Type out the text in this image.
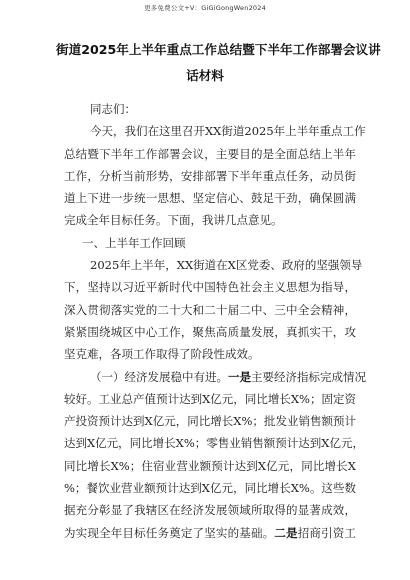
更多免费公文+V：GiGiGongWen2024
街道2025年上半年重点工作总结暨下半年工作部署会议讲
话材料
同志们：
今天，我们在这里召开XX街道2025年上半年重点工作
总结暨下半年工作部署会议，主要目的是全面总结上半年
工作，分析当前形势，安排部署下半年重点任务，动员街
道上下进一步统一思想、坚定信心、鼓足干劲，确保圆满
完成全年目标任务。下面，我讲几点意见。
一、上半年工作回顾
2025年上半年，XX街道在X区党委、政府的坚强领导
下，坚持以习近平新时代中国特色社会主义思想为指导，
深入贯彻落实党的二十大和二十届二中、三中全会精神，
紧紧围绕城区中心工作，聚焦高质量发展，真抓实干，攻
坚克难，各项工作取得了阶段性成效。
（一）经济发展稳中有进。一是主要经济指标完成情况
较好。工业总产值预计达到X亿元，同比增长X%；固定资
产投资预计达到X亿元，同比增长X%；批发业销售额预计
达到X亿元，同比增长X%；零售业销售额预计达到X亿元，
同比增长X%；住宿业营业额预计达到X亿元，同比增长X
%；餐饮业营业额预计达到X亿元，同比增长X%。这些数
据充分彰显了我辖区在经济发展领域所取得的显著成效，
为实现全年目标任务奠定了坚实的基础。二是招商引资工
